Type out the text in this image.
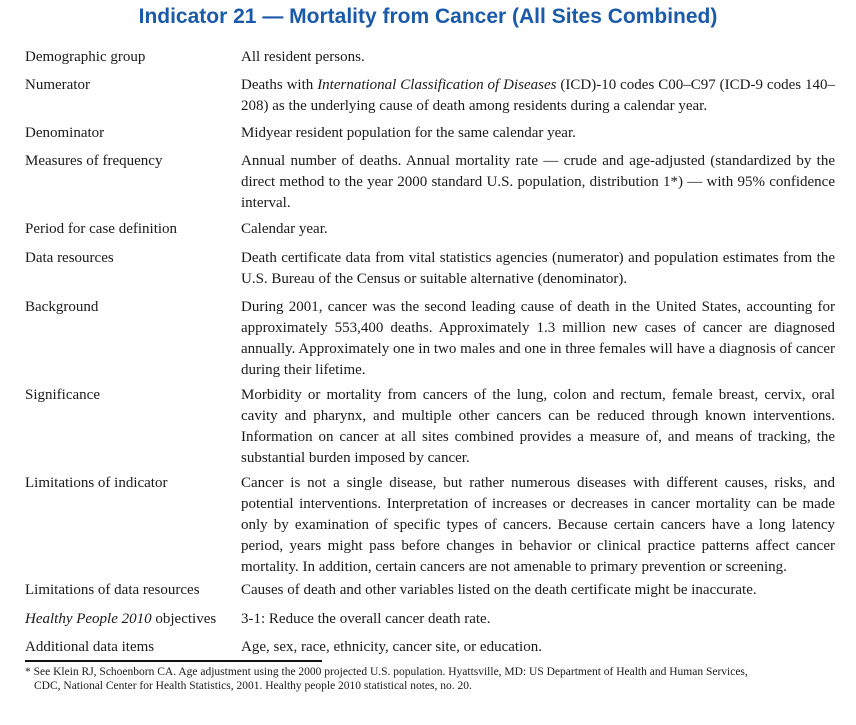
Indicator 21 — Mortality from Cancer (All Sites Combined)
Demographic group	All resident persons.
Numerator	Deaths with International Classification of Diseases (ICD)-10 codes C00–C97 (ICD-9 codes 140–208) as the underlying cause of death among residents during a calendar year.
Denominator	Midyear resident population for the same calendar year.
Measures of frequency	Annual number of deaths. Annual mortality rate — crude and age-adjusted (standardized by the direct method to the year 2000 standard U.S. population, distribution 1*) — with 95% confidence interval.
Period for case definition	Calendar year.
Data resources	Death certificate data from vital statistics agencies (numerator) and population estimates from the U.S. Bureau of the Census or suitable alternative (denominator).
Background	During 2001, cancer was the second leading cause of death in the United States, accounting for approximately 553,400 deaths. Approximately 1.3 million new cases of cancer are diagnosed annually. Approximately one in two males and one in three females will have a diagnosis of cancer during their lifetime.
Significance	Morbidity or mortality from cancers of the lung, colon and rectum, female breast, cervix, oral cavity and pharynx, and multiple other cancers can be reduced through known interventions. Information on cancer at all sites combined provides a measure of, and means of tracking, the substantial burden imposed by cancer.
Limitations of indicator	Cancer is not a single disease, but rather numerous diseases with different causes, risks, and potential interventions. Interpretation of increases or decreases in cancer mortality can be made only by examination of specific types of cancers. Because certain cancers have a long latency period, years might pass before changes in behavior or clinical practice patterns affect cancer mortality. In addition, certain cancers are not amenable to primary prevention or screening.
Limitations of data resources	Causes of death and other variables listed on the death certificate might be inaccurate.
Healthy People 2010 objectives	3-1: Reduce the overall cancer death rate.
Additional data items	Age, sex, race, ethnicity, cancer site, or education.
* See Klein RJ, Schoenborn CA. Age adjustment using the 2000 projected U.S. population. Hyattsville, MD: US Department of Health and Human Services,
CDC, National Center for Health Statistics, 2001. Healthy people 2010 statistical notes, no. 20.
